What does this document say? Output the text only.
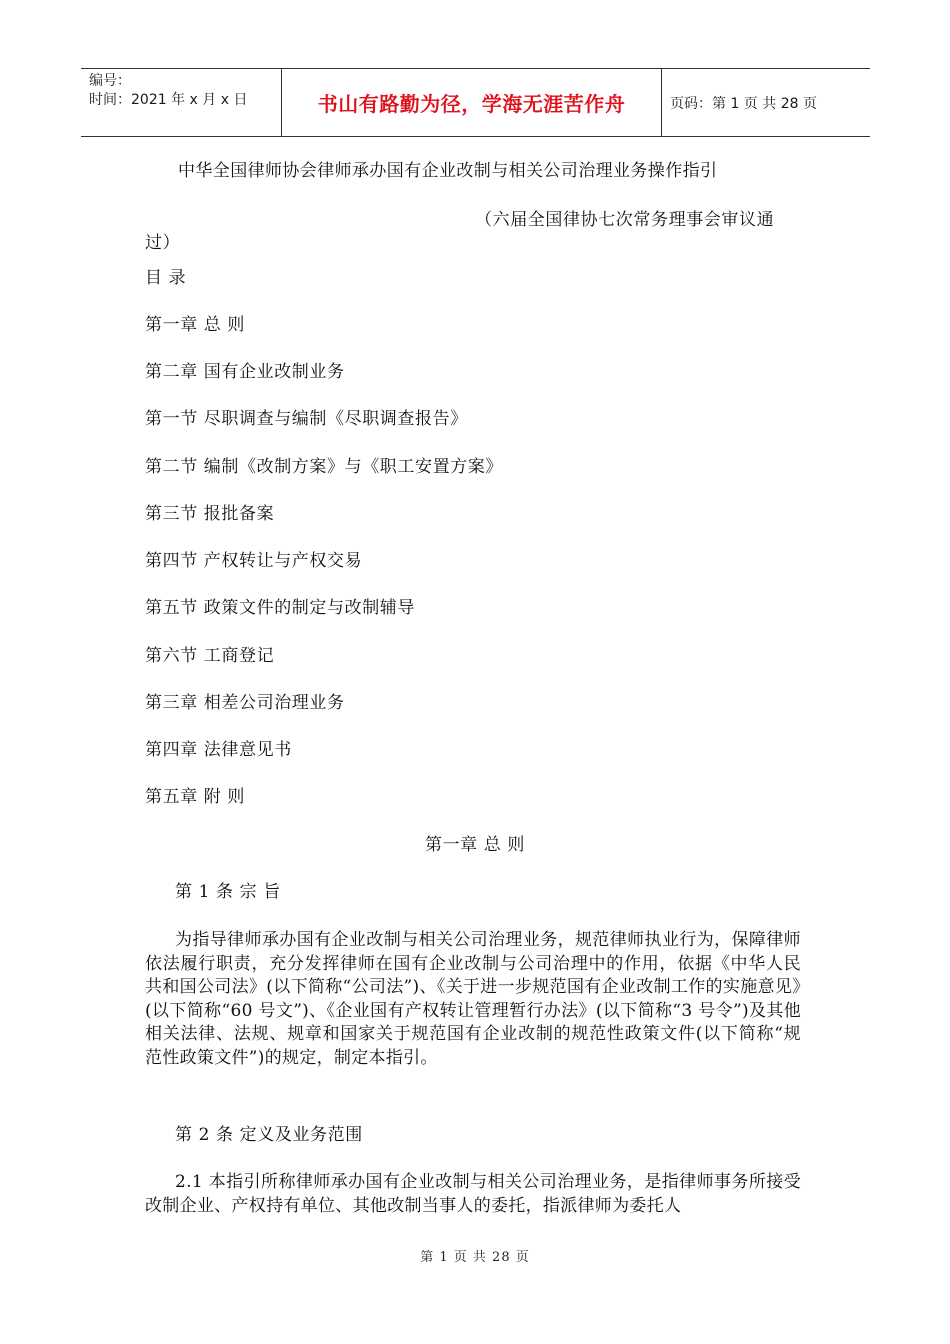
编号：
时间：2021 年 x 月 x 日	书山有路勤为径，学海无涯苦作舟	页码：第 1 页 共 28 页
中华全国律师协会律师承办国有企业改制与相关公司治理业务操作指引
（六届全国律协七次常务理事会审议通过）
目 录
第一章 总 则
第二章 国有企业改制业务
第一节 尽职调查与编制《尽职调查报告》
第二节 编制《改制方案》与《职工安置方案》
第三节 报批备案
第四节 产权转让与产权交易
第五节 政策文件的制定与改制辅导
第六节 工商登记
第三章 相差公司治理业务
第四章 法律意见书
第五章 附 则
第一章 总 则
第 1 条 宗 旨
为指导律师承办国有企业改制与相关公司治理业务，规范律师执业行为，保障律师依法履行职责，充分发挥律师在国有企业改制与公司治理中的作用，依据《中华人民共和国公司法》(以下简称“公司法”)、《关于进一步规范国有企业改制工作的实施意见》(以下简称“60 号文”)、《企业国有产权转让管理暂行办法》(以下简称“3 号令”)及其他相关法律、法规、规章和国家关于规范国有企业改制的规范性政策文件(以下简称“规范性政策文件”)的规定，制定本指引。
第 2 条 定义及业务范围
2.1 本指引所称律师承办国有企业改制与相关公司治理业务，是指律师事务所接受改制企业、产权持有单位、其他改制当事人的委托，指派律师为委托人
第 1 页 共 28 页
